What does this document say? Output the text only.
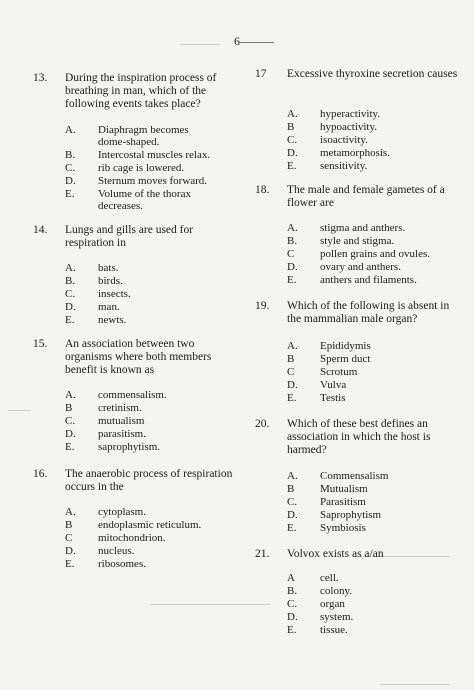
6
13.	During the inspiration process of breathing in man, which of the following events takes place?
A.	Diaphragm becomes dome-shaped.
B.	Intercostal muscles relax.
C.	rib cage is lowered.
D.	Sternum moves forward.
E.	Volume of the thorax decreases.
14.	Lungs and gills are used for respiration in
A.	bats.
B.	birds.
C.	insects.
D.	man.
E.	newts.
15.	An association between two organisms where both members benefit is known as
A.	commensalism.
B	cretinism.
C.	mutualism
D.	parasitism.
E.	saprophytism.
16.	The anaerobic process of respiration occurs in the
A.	cytoplasm.
B	endoplasmic reticulum.
C	mitochondrion.
D.	nucleus.
E.	ribosomes.
17	Excessive thyroxine secretion causes
A.	hyperactivity.
B	hypoactivity.
C.	isoactivity.
D.	metamorphosis.
E.	sensitivity.
18.	The male and female gametes of a flower are
A.	stigma and anthers.
B.	style and stigma.
C	pollen grains and ovules.
D.	ovary and anthers.
E.	anthers and filaments.
19.	Which of the following is absent in the mammalian male organ?
A.	Epididymis
B	Sperm duct
C	Scrotum
D.	Vulva
E.	Testis
20.	Which of these best defines an association in which the host is harmed?
A.	Commensalism
B	Mutualism
C.	Parasitism
D.	Saprophytism
E.	Symbiosis
21.	Volvox exists as a/an
A	cell.
B.	colony.
C.	organ
D.	system.
E.	tissue.
